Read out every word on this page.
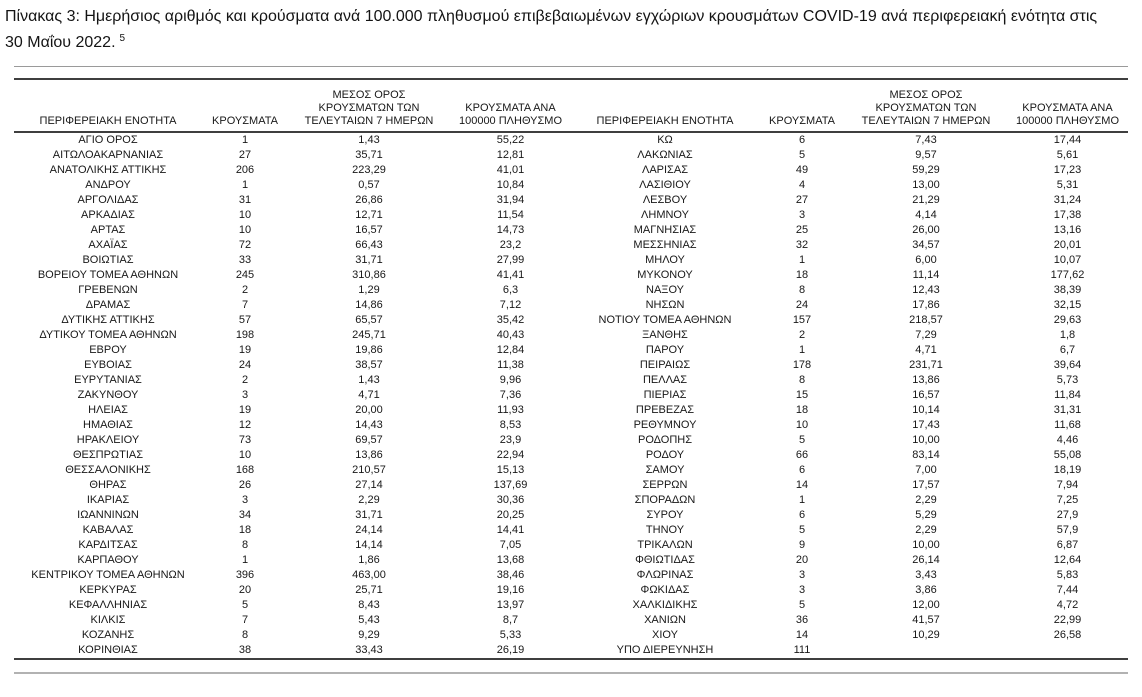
Πίνακας 3: Ημερήσιος αριθμός και κρούσματα ανά 100.000 πληθυσμού επιβεβαιωμένων εγχώριων κρουσμάτων COVID-19 ανά περιφερειακή ενότητα στις 30 Μαΐου 2022. $^5$

ΠΕΡΙΦΕΡΕΙΑΚΗ ΕΝΟΤΗΤΑ	ΚΡΟΥΣΜΑΤΑ	ΜΕΣΟΣ ΟΡΟΣ ΚΡΟΥΣΜΑΤΩΝ ΤΩΝ ΤΕΛΕΥΤΑΙΩΝ 7 ΗΜΕΡΩΝ	ΚΡΟΥΣΜΑΤΑ ΑΝΑ 100000 ΠΛΗΘΥΣΜΟ	ΠΕΡΙΦΕΡΕΙΑΚΗ ΕΝΟΤΗΤΑ	ΚΡΟΥΣΜΑΤΑ	ΜΕΣΟΣ ΟΡΟΣ ΚΡΟΥΣΜΑΤΩΝ ΤΩΝ ΤΕΛΕΥΤΑΙΩΝ 7 ΗΜΕΡΩΝ	ΚΡΟΥΣΜΑΤΑ ΑΝΑ 100000 ΠΛΗΘΥΣΜΟ
ΑΓΙΟ ΟΡΟΣ	1	1,43	55,22	ΚΩ	6	7,43	17,44
ΑΙΤΩΛΟΑΚΑΡΝΑΝΙΑΣ	27	35,71	12,81	ΛΑΚΩΝΙΑΣ	5	9,57	5,61
ΑΝΑΤΟΛΙΚΗΣ ΑΤΤΙΚΗΣ	206	223,29	41,01	ΛΑΡΙΣΑΣ	49	59,29	17,23
ΑΝΔΡΟΥ	1	0,57	10,84	ΛΑΣΙΘΙΟΥ	4	13,00	5,31
ΑΡΓΟΛΙΔΑΣ	31	26,86	31,94	ΛΕΣΒΟΥ	27	21,29	31,24
ΑΡΚΑΔΙΑΣ	10	12,71	11,54	ΛΗΜΝΟΥ	3	4,14	17,38
ΑΡΤΑΣ	10	16,57	14,73	ΜΑΓΝΗΣΙΑΣ	25	26,00	13,16
ΑΧΑΪΑΣ	72	66,43	23,2	ΜΕΣΣΗΝΙΑΣ	32	34,57	20,01
ΒΟΙΩΤΙΑΣ	33	31,71	27,99	ΜΗΛΟΥ	1	6,00	10,07
ΒΟΡΕΙΟΥ ΤΟΜΕΑ ΑΘΗΝΩΝ	245	310,86	41,41	ΜΥΚΟΝΟΥ	18	11,14	177,62
ΓΡΕΒΕΝΩΝ	2	1,29	6,3	ΝΑΞΟΥ	8	12,43	38,39
ΔΡΑΜΑΣ	7	14,86	7,12	ΝΗΣΩΝ	24	17,86	32,15
ΔΥΤΙΚΗΣ ΑΤΤΙΚΗΣ	57	65,57	35,42	ΝΟΤΙΟΥ ΤΟΜΕΑ ΑΘΗΝΩΝ	157	218,57	29,63
ΔΥΤΙΚΟΥ ΤΟΜΕΑ ΑΘΗΝΩΝ	198	245,71	40,43	ΞΑΝΘΗΣ	2	7,29	1,8
ΕΒΡΟΥ	19	19,86	12,84	ΠΑΡΟΥ	1	4,71	6,7
ΕΥΒΟΙΑΣ	24	38,57	11,38	ΠΕΙΡΑΙΩΣ	178	231,71	39,64
ΕΥΡΥΤΑΝΙΑΣ	2	1,43	9,96	ΠΕΛΛΑΣ	8	13,86	5,73
ΖΑΚΥΝΘΟΥ	3	4,71	7,36	ΠΙΕΡΙΑΣ	15	16,57	11,84
ΗΛΕΙΑΣ	19	20,00	11,93	ΠΡΕΒΕΖΑΣ	18	10,14	31,31
ΗΜΑΘΙΑΣ	12	14,43	8,53	ΡΕΘΥΜΝΟΥ	10	17,43	11,68
ΗΡΑΚΛΕΙΟΥ	73	69,57	23,9	ΡΟΔΟΠΗΣ	5	10,00	4,46
ΘΕΣΠΡΩΤΙΑΣ	10	13,86	22,94	ΡΟΔΟΥ	66	83,14	55,08
ΘΕΣΣΑΛΟΝΙΚΗΣ	168	210,57	15,13	ΣΑΜΟΥ	6	7,00	18,19
ΘΗΡΑΣ	26	27,14	137,69	ΣΕΡΡΩΝ	14	17,57	7,94
ΙΚΑΡΙΑΣ	3	2,29	30,36	ΣΠΟΡΑΔΩΝ	1	2,29	7,25
ΙΩΑΝΝΙΝΩΝ	34	31,71	20,25	ΣΥΡΟΥ	6	5,29	27,9
ΚΑΒΑΛΑΣ	18	24,14	14,41	ΤΗΝΟΥ	5	2,29	57,9
ΚΑΡΔΙΤΣΑΣ	8	14,14	7,05	ΤΡΙΚΑΛΩΝ	9	10,00	6,87
ΚΑΡΠΑΘΟΥ	1	1,86	13,68	ΦΘΙΩΤΙΔΑΣ	20	26,14	12,64
ΚΕΝΤΡΙΚΟΥ ΤΟΜΕΑ ΑΘΗΝΩΝ	396	463,00	38,46	ΦΛΩΡΙΝΑΣ	3	3,43	5,83
ΚΕΡΚΥΡΑΣ	20	25,71	19,16	ΦΩΚΙΔΑΣ	3	3,86	7,44
ΚΕΦΑΛΛΗΝΙΑΣ	5	8,43	13,97	ΧΑΛΚΙΔΙΚΗΣ	5	12,00	4,72
ΚΙΛΚΙΣ	7	5,43	8,7	ΧΑΝΙΩΝ	36	41,57	22,99
ΚΟΖΑΝΗΣ	8	9,29	5,33	ΧΙΟΥ	14	10,29	26,58
ΚΟΡΙΝΘΙΑΣ	38	33,43	26,19	ΥΠΟ ΔΙΕΡΕΥΝΗΣΗ	111		
